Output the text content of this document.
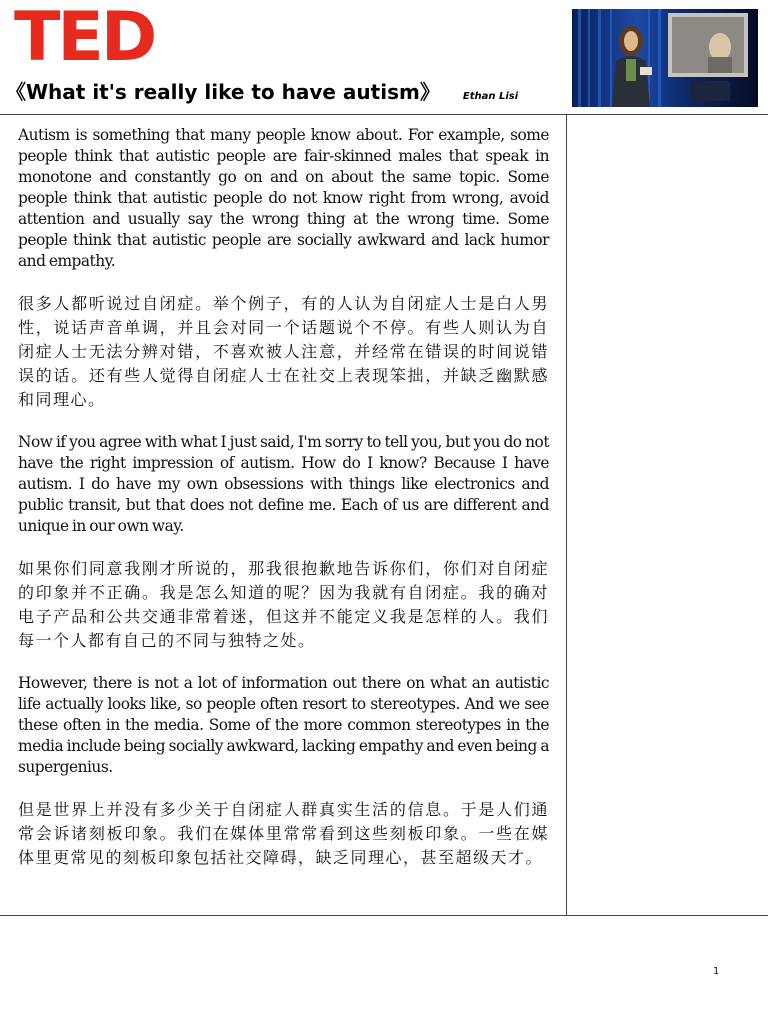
TED
《What it's really like to have autism》 Ethan Lisi

Autism is something that many people know about. For example, some people think that autistic people are fair-skinned males that speak in monotone and constantly go on and on about the same topic. Some people think that autistic people do not know right from wrong, avoid attention and usually say the wrong thing at the wrong time. Some people think that autistic people are socially awkward and lack humor and empathy.

很多人都听说过自闭症。举个例子，有的人认为自闭症人士是白人男性，说话声音单调，并且会对同一个话题说个不停。有些人则认为自闭症人士无法分辨对错，不喜欢被人注意，并经常在错误的时间说错误的话。还有些人觉得自闭症人士在社交上表现笨拙，并缺乏幽默感和同理心。

Now if you agree with what I just said, I'm sorry to tell you, but you do not have the right impression of autism. How do I know? Because I have autism. I do have my own obsessions with things like electronics and public transit, but that does not define me. Each of us are different and unique in our own way.

如果你们同意我刚才所说的，那我很抱歉地告诉你们，你们对自闭症的印象并不正确。我是怎么知道的呢？因为我就有自闭症。我的确对电子产品和公共交通非常着迷，但这并不能定义我是怎样的人。我们每一个人都有自己的不同与独特之处。

However, there is not a lot of information out there on what an autistic life actually looks like, so people often resort to stereotypes. And we see these often in the media. Some of the more common stereotypes in the media include being socially awkward, lacking empathy and even being a supergenius.

但是世界上并没有多少关于自闭症人群真实生活的信息。于是人们通常会诉诸刻板印象。我们在媒体里常常看到这些刻板印象。一些在媒体里更常见的刻板印象包括社交障碍，缺乏同理心，甚至超级天才。

1
